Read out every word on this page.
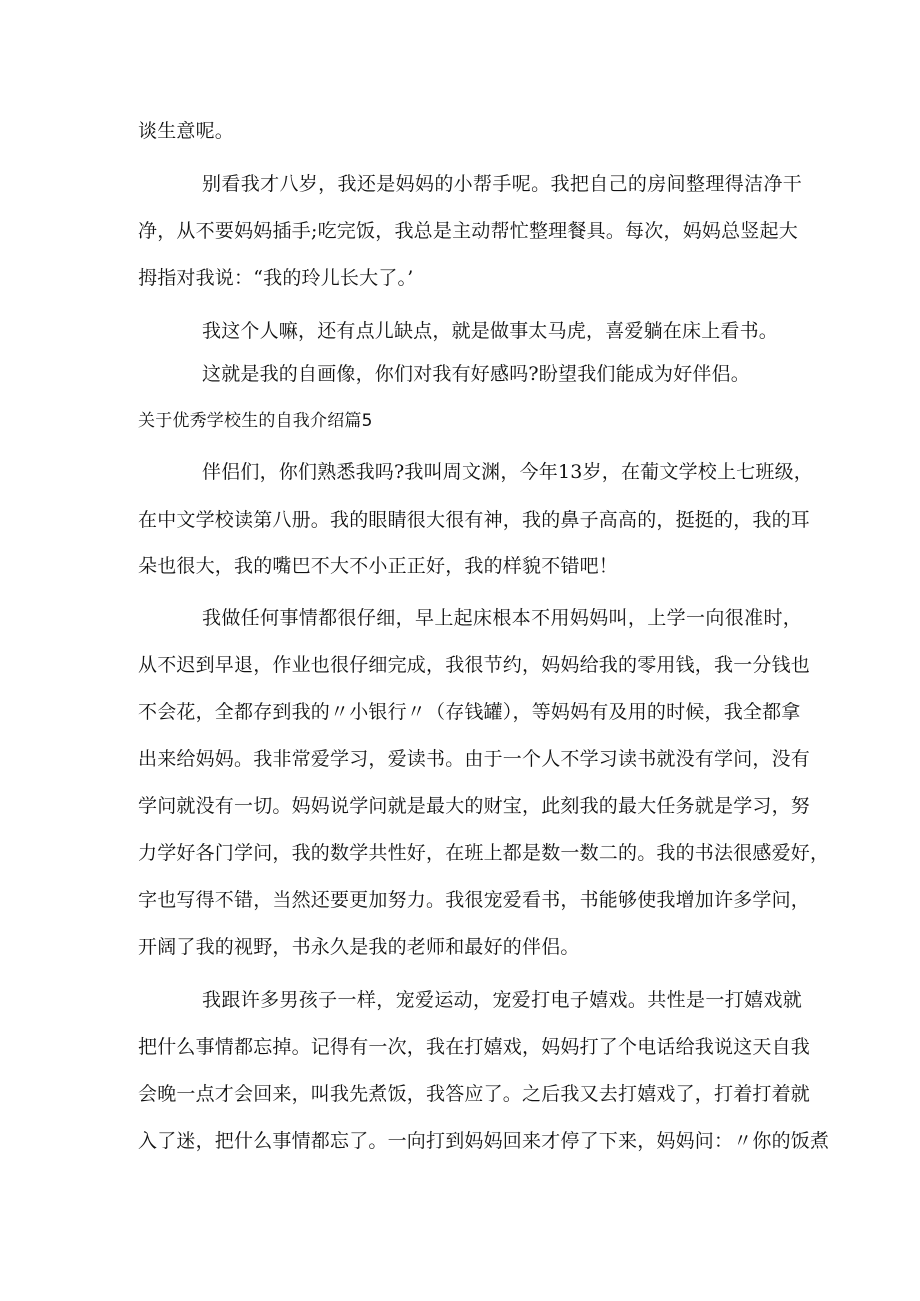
谈生意呢。
别看我才八岁，我还是妈妈的小帮手呢。我把自己的房间整理得洁净干
净，从不要妈妈插手;吃完饭，我总是主动帮忙整理餐具。每次，妈妈总竖起大
拇指对我说：“我的玲儿长大了。’
我这个人嘛，还有点儿缺点，就是做事太马虎，喜爱躺在床上看书。
这就是我的自画像，你们对我有好感吗?盼望我们能成为好伴侣。
关于优秀学校生的自我介绍篇5
伴侣们，你们熟悉我吗?我叫周文渊，今年13岁，在葡文学校上七班级，
在中文学校读第八册。我的眼睛很大很有神，我的鼻子高高的，挺挺的，我的耳
朵也很大，我的嘴巴不大不小正正好，我的样貌不错吧！
我做任何事情都很仔细，早上起床根本不用妈妈叫，上学一向很准时，
从不迟到早退，作业也很仔细完成，我很节约，妈妈给我的零用钱，我一分钱也
不会花，全都存到我的〃小银行〃（存钱罐），等妈妈有及用的时候，我全都拿
出来给妈妈。我非常爱学习，爱读书。由于一个人不学习读书就没有学问，没有
学问就没有一切。妈妈说学问就是最大的财宝，此刻我的最大任务就是学习，努
力学好各门学问，我的数学共性好，在班上都是数一数二的。我的书法很感爱好，
字也写得不错，当然还要更加努力。我很宠爱看书，书能够使我增加许多学问，
开阔了我的视野，书永久是我的老师和最好的伴侣。
我跟许多男孩子一样，宠爱运动，宠爱打电子嬉戏。共性是一打嬉戏就
把什么事情都忘掉。记得有一次，我在打嬉戏，妈妈打了个电话给我说这天自我
会晚一点才会回来，叫我先煮饭，我答应了。之后我又去打嬉戏了，打着打着就
入了迷，把什么事情都忘了。一向打到妈妈回来才停了下来，妈妈问：〃你的饭煮
